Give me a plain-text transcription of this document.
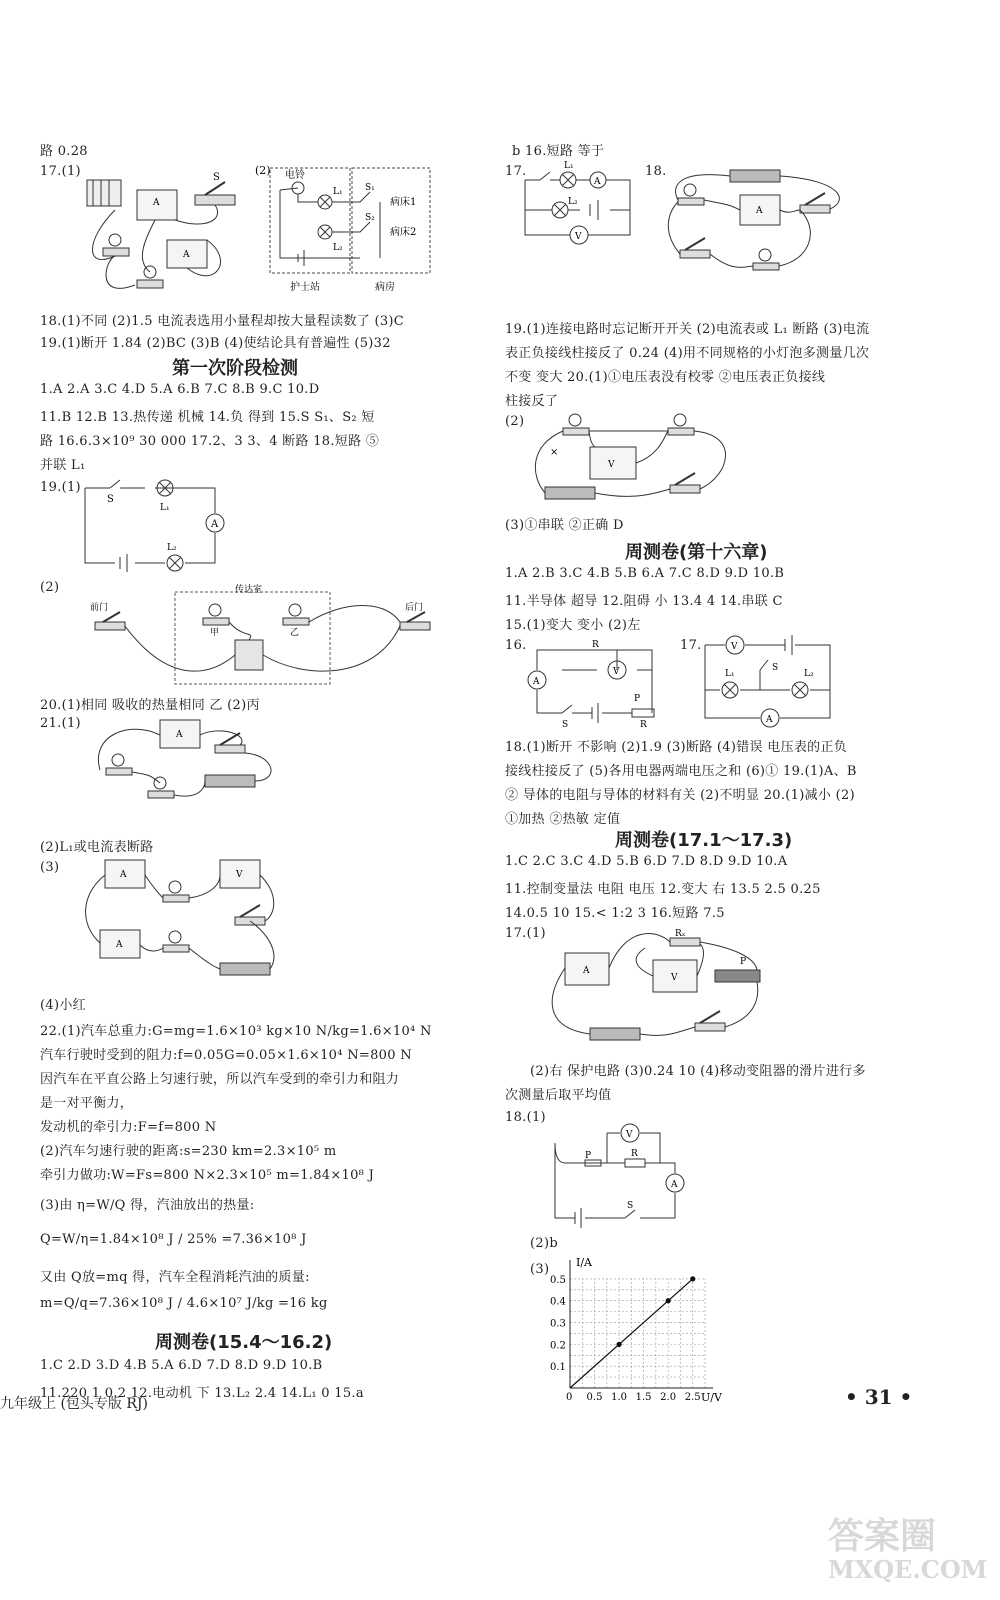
路 0.28
17.(1)
A
S
A
(2) 电铃
L₁
L₂
S₁
S₂
病床1
病床2
护士站	病房
18.(1)不同 (2)1.5 电流表选用小量程却按大量程读数了 (3)C
19.(1)断开 1.84 (2)BC (3)B (4)使结论具有普遍性 (5)32
第一次阶段检测
1.A 2.A 3.C 4.D 5.A 6.B 7.C 8.B 9.C 10.D
11.B 12.B 13.热传递 机械 14.负 得到 15.S S₁、S₂ 短
路 16.6.3×10⁹ 30 000 17.2、3 3、4 断路 18.短路 ⑤
并联 L₁
19.(1)
S
L₁
A
L₂
(2)	传达室
前门	后门
甲	乙
20.(1)相同 吸收的热量相同 乙 (2)丙
21.(1)
A
(2)L₁或电流表断路
(3)	A	V
A
(4)小红
22.(1)汽车总重力:G=mg=1.6×10³ kg×10 N/kg=1.6×10⁴ N
汽车行驶时受到的阻力:f=0.05G=0.05×1.6×10⁴ N=800 N
因汽车在平直公路上匀速行驶，所以汽车受到的牵引力和阻力
是一对平衡力，
发动机的牵引力:F=f=800 N
(2)汽车匀速行驶的距离:s=230 km=2.3×10⁵ m
牵引力做功:W=Fs=800 N×2.3×10⁵ m=1.84×10⁸ J
(3)由 η=W/Q 得，汽油放出的热量:
Q=W/η=1.84×10⁸ J / 25% =7.36×10⁸ J
又由 Q放=mq 得，汽车全程消耗汽油的质量:
m=Q/q=7.36×10⁸ J / 4.6×10⁷ J/kg =16 kg
周测卷(15.4～16.2)
1.C 2.D 3.D 4.B 5.A 6.D 7.D 8.D 9.D 10.B
11.220 1 0.2 12.电动机 下 13.L₂ 2.4 14.L₁ 0 15.a
b 16.短路 等于
17.	L₁
A
L₂
V
18.
A
19.(1)连接电路时忘记断开开关 (2)电流表或 L₁ 断路 (3)电流
表正负接线柱接反了 0.24 (4)用不同规格的小灯泡多测量几次
不变 变大 20.(1)①电压表没有校零 ②电压表正负接线
柱接反了
(2)
V
×
(3)①串联 ②正确 D
周测卷(第十六章)
1.A 2.B 3.C 4.B 5.B 6.A 7.C 8.D 9.D 10.B
11.半导体 超导 12.阻碍 小 13.4 4 14.串联 C
15.(1)变大 变小 (2)左
16.	R
V
A
S	R
P
17.	V
L₁
S
L₂
A
18.(1)断开 不影响 (2)1.9 (3)断路 (4)错误 电压表的正负
接线柱接反了 (5)各用电器两端电压之和 (6)① 19.(1)A、B
② 导体的电阻与导体的材料有关 (2)不明显 20.(1)减小 (2)
①加热 ②热敏 定值
周测卷(17.1～17.3)
1.C 2.C 3.C 4.D 5.B 6.D 7.D 8.D 9.D 10.A
11.控制变量法 电阻 电压 12.变大 右 13.5 2.5 0.25
14.0.5 10 15.< 1:2 3 16.短路 7.5
17.(1)	Rₓ
A
V
P
(2)右 保护电路 (3)0.24 10 (4)移动变阻器的滑片进行多
次测量后取平均值
18.(1)
P	R
V
A
S
(2)b
(3)
0 0.5 1.0 1.5 2.0 2.5
0.1
0.2
0.3
0.4
0.5
U/V
I/A
九年级上 (包头专版 RJ)	• 31 •
答案圈
MXQE.COM
